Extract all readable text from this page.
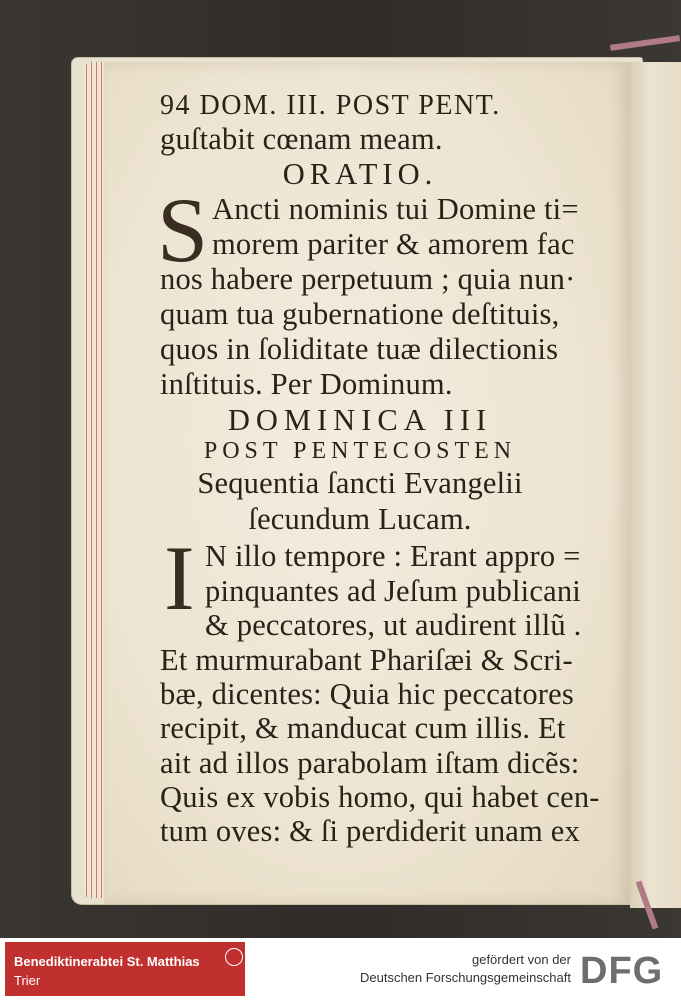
94 DOM. III. POST PENT.
guſtabit cœnam meam.
ORATIO.
S Ancti nominis tui Domine ti=
morem pariter & amorem fac
nos habere perpetuum ; quia nun·
quam tua gubernatione deſtituis,
quos in ſoliditate tuæ dilectionis
inſtituis. Per Dominum.
DOMINICA III
POST PENTECOSTEN
Sequentia ſancti Evangelii
ſecundum Lucam.
I N illo tempore : Erant appro =
pinquantes ad Jeſum publicani
& peccatores, ut audirent illũ .
Et murmurabant Phariſæi & Scri-
bæ, dicentes: Quia hic peccatores
recipit, & manducat cum illis. Et
ait ad illos parabolam iſtam dicẽs:
Quis ex vobis homo, qui habet cen-
tum oves: & ſi perdiderit unam ex
Benediktinerabtei St. Matthias
Trier
gefördert von der
Deutschen Forschungsgemeinschaft DFG
